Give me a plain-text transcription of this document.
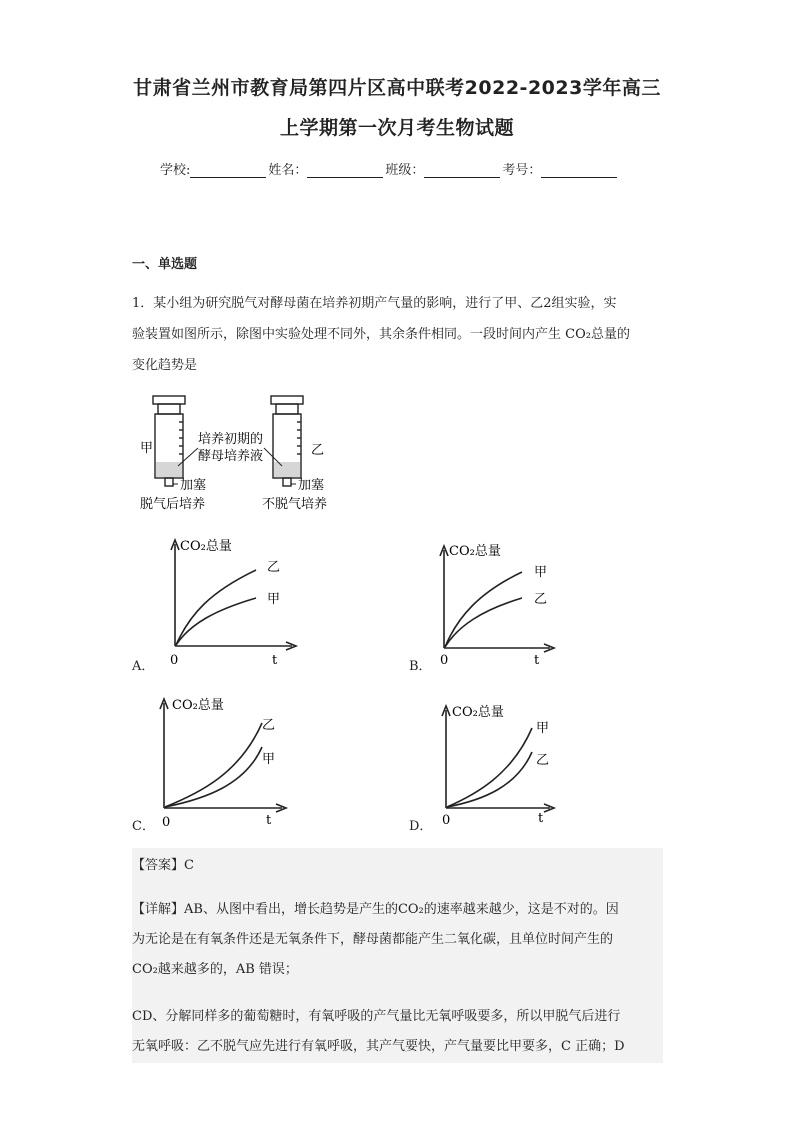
甘肃省兰州市教育局第四片区高中联考2022-2023学年高三
上学期第一次月考生物试题
学校:	姓名：	班级：	考号：
一、单选题

1．某小组为研究脱气对酵母菌在培养初期产气量的影响，进行了甲、乙2组实验，实

验装置如图所示，除图中实验处理不同外，其余条件相同。一段时间内产生 CO₂总量的

变化趋势是

甲	乙
培养初期的
酵母培养液
加塞	加塞
脱气后培养	不脱气培养
CO₂总量
乙
甲
0	t
A．
CO₂总量
甲
乙
0	t
B．
CO₂总量
乙
甲
0	t
C．
CO₂总量
甲
乙
0	t
D．

【答案】C

【详解】AB、从图中看出，增长趋势是产生的CO₂的速率越来越少，这是不对的。因

为无论是在有氧条件还是无氧条件下，酵母菌都能产生二氧化碳，且单位时间产生的

CO₂越来越多的，AB 错误；

CD、分解同样多的葡萄糖时，有氧呼吸的产气量比无氧呼吸要多，所以甲脱气后进行

无氧呼吸：乙不脱气应先进行有氧呼吸，其产气要快，产气量要比甲要多，C 正确；D
